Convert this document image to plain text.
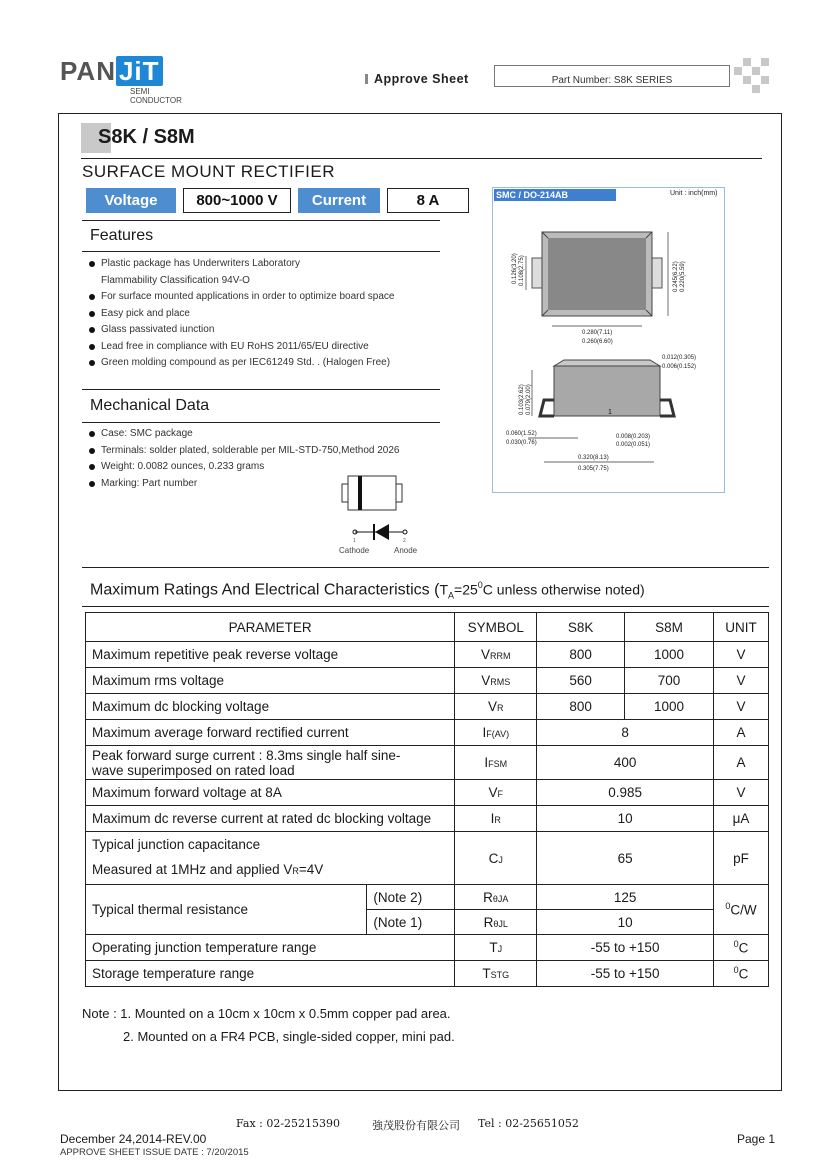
PAN JiT
SEMI
CONDUCTOR
Approve Sheet	Part Number: S8K SERIES
S8K / S8M
SURFACE MOUNT RECTIFIER
Voltage	800~1000 V	Current	8 A
Features
Plastic package has Underwriters Laboratory
Flammability Classification 94V-O
For surface mounted applications in order to optimize board space
Easy pick and place
Glass passivated iunction
Lead free in compliance with EU RoHS 2011/65/EU directive
Green molding compound as per IEC61249 Std. . (Halogen Free)
Mechanical Data
Case: SMC package
Terminals: solder plated, solderable per MIL-STD-750,Method 2026
Weight: 0.0082 ounces, 0.233 grams
Marking: Part number
1	2
Cathode	Anode
SMC / DO-214AB	Unit : inch(mm)
0.126(3.20) 0.108(2.75)	0.245(6.22) 0.220(5.59)
0.280(7.11)
0.260(6.60)
0.012(0.305)
0.006(0.152)
1
0.103(2.62) 0.079(2.00)
0.060(1.52)
0.030(0.76)
0.008(0.203)
0.002(0.051)
0.320(8.13)
0.305(7.75)
Maximum Ratings And Electrical Characteristics ($T_A=25^0C$ unless otherwise noted)
PARAMETER		SYMBOL	S8K	S8M	UNIT
Maximum repetitive peak reverse voltage		VRRM	800	1000	V
Maximum rms voltage		VRMS	560	700	V
Maximum dc blocking voltage		VR	800	1000	V
Maximum average forward rectified current		IF(AV)	8		A

Peak forward surge current : 8.3ms single half sine-
wave superimposed on rated load		IFSM	400		A
Maximum forward voltage at 8A		VF	0.985		V
Maximum dc reverse current at rated dc blocking voltage		IR	10		μA

Typical junction capacitance
Measured at 1MHz and applied VR=4V		CJ	65		pF
Typical thermal resistance	(Note 2)	RθJA	125		$^0$C/W
	(Note 1)	RθJL	10		
Operating junction temperature range		TJ	-55 to +150		$^0$C
Storage temperature range		TSTG	-55 to +150		$^0$C
Note : 1. Mounted on a 10cm x 10cm x 0.5mm copper pad area.
2. Mounted on a FR4 PCB, single-sided copper, mini pad.
Fax : 02-25215390	強茂股份有限公司 Tel : 02-25651052
December 24,2014-REV.00
APPROVE SHEET ISSUE DATE : 7/20/2015
Page 1
